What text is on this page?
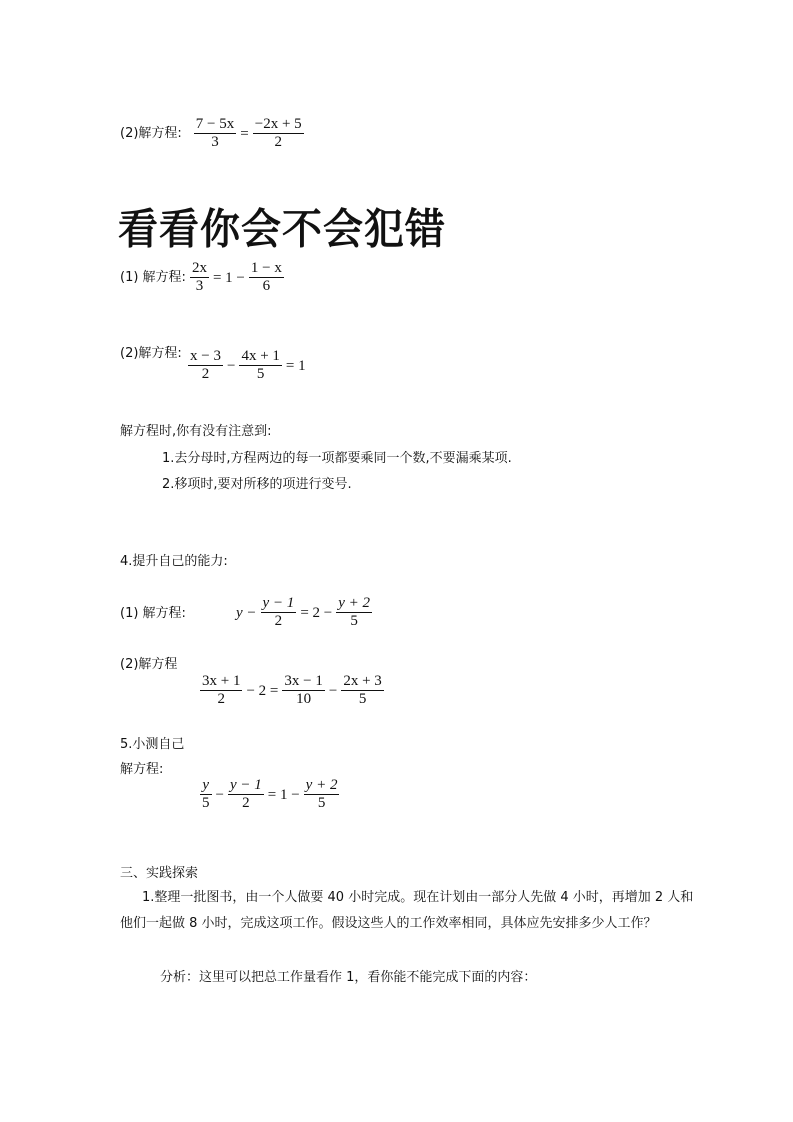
(2)解方程: $\frac{7 - 5x}{3} = \frac{-2x + 5}{2}$
看看你会不会犯错
(1) 解方程: $\frac{2x}{3} = 1 - \frac{1 - x}{6}$
(2)解方程: $\frac{x - 3}{2} - \frac{4x + 1}{5} = 1$
解方程时,你有没有注意到:
1.去分母时,方程两边的每一项都要乘同一个数,不要漏乘某项.
2.移项时,要对所移的项进行变号.
4.提升自己的能力:
(1) 解方程:	$y - \frac{y - 1}{2} = 2 - \frac{y + 2}{5}$
(2)解方程
$\frac{3x + 1}{2} - 2 = \frac{3x - 1}{10} - \frac{2x + 3}{5}$
5.小测自己
解方程:
$\frac{y}{5} - \frac{y - 1}{2} = 1 - \frac{y + 2}{5}$
三、实践探索
1.整理一批图书，由一个人做要 40 小时完成。现在计划由一部分人先做 4 小时，再增加 2 人和他们一起做 8 小时，完成这项工作。假设这些人的工作效率相同，具体应先安排多少人工作？
分析：这里可以把总工作量看作 1，看你能不能完成下面的内容：
